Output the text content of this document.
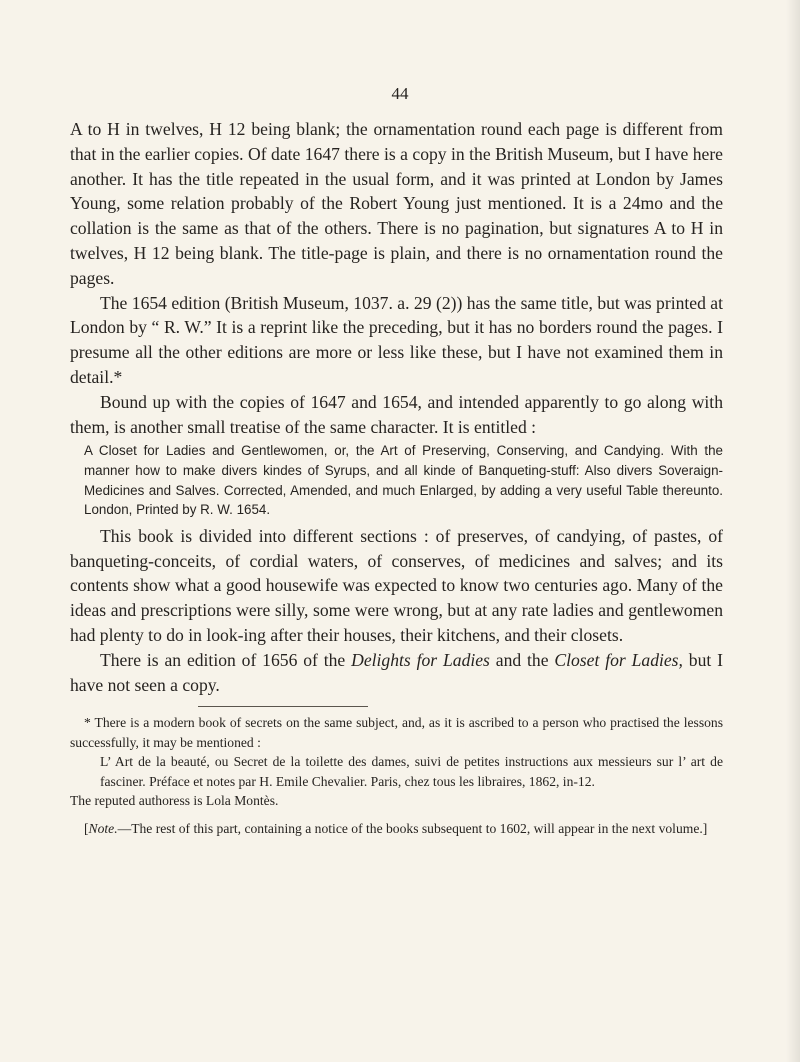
44

A to H in twelves, H 12 being blank; the ornamentation round each page is different from that in the earlier copies. Of date 1647 there is a copy in the British Museum, but I have here another. It has the title repeated in the usual form, and it was printed at London by James Young, some relation probably of the Robert Young just mentioned. It is a 24mo and the collation is the same as that of the others. There is no pagination, but signatures A to H in twelves, H 12 being blank. The title-page is plain, and there is no ornamentation round the pages.

The 1654 edition (British Museum, 1037. a. 29 (2)) has the same title, but was printed at London by “ R. W.” It is a reprint like the preceding, but it has no borders round the pages. I presume all the other editions are more or less like these, but I have not examined them in detail.*

Bound up with the copies of 1647 and 1654, and intended apparently to go along with them, is another small treatise of the same character. It is entitled :

A Closet for Ladies and Gentlewomen, or, the Art of Preserving, Conserving, and Candying. With the manner how to make divers kindes of Syrups, and all kinde of Banqueting-stuff: Also divers Soveraign-Medicines and Salves. Corrected, Amended, and much Enlarged, by adding a very useful Table thereunto. London, Printed by R. W. 1654.

This book is divided into different sections : of preserves, of candying, of pastes, of banqueting-conceits, of cordial waters, of conserves, of medicines and salves; and its contents show what a good housewife was expected to know two centuries ago. Many of the ideas and prescriptions were silly, some were wrong, but at any rate ladies and gentlewomen had plenty to do in look-ing after their houses, their kitchens, and their closets.

There is an edition of 1656 of the Delights for Ladies and the Closet for Ladies, but I have not seen a copy.

* There is a modern book of secrets on the same subject, and, as it is ascribed to a person who practised the lessons successfully, it may be mentioned :

L’ Art de la beauté, ou Secret de la toilette des dames, suivi de petites instructions aux messieurs sur l’ art de fasciner. Préface et notes par H. Emile Chevalier. Paris, chez tous les libraires, 1862, in-12.

The reputed authoress is Lola Montès.

[Note.—The rest of this part, containing a notice of the books subsequent to 1602, will appear in the next volume.]
